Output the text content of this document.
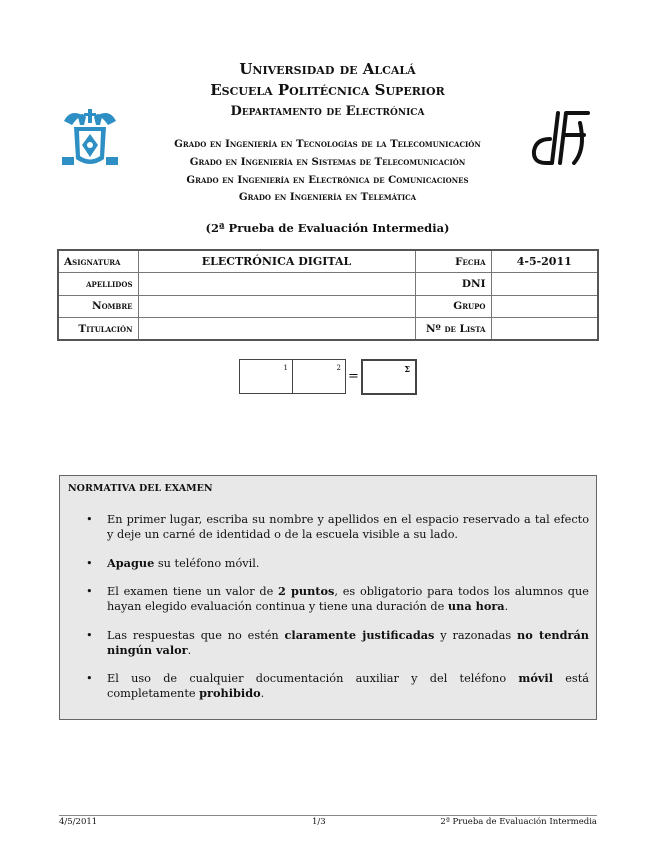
Universidad de Alcalá
Escuela Politécnica Superior
Departamento de Electrónica
Grado en Ingeniería en Tecnologías de la Telecomunicación
Grado en Ingeniería en Sistemas de Telecomunicación
Grado en Ingeniería en Electrónica de Comunicaciones
Grado en Ingeniería en Telemática
(2ª Prueba de Evaluación Intermedia)
Asignatura	ELECTRÓNICA DIGITAL	Fecha	4-5-2011
apellidos		DNI	
Nombre		Grupo	
Titulación		Nº de Lista	
1	2
=	Σ
NORMATIVA DEL EXAMEN
• En primer lugar, escriba su nombre y apellidos en el espacio reservado a tal efecto y deje un carné de identidad o de la escuela visible a su lado.
• Apague su teléfono móvil.
• El examen tiene un valor de 2 puntos, es obligatorio para todos los alumnos que hayan elegido evaluación continua y tiene una duración de una hora.
• Las respuestas que no estén claramente justificadas y razonadas no tendrán ningún valor.
• El uso de cualquier documentación auxiliar y del teléfono móvil está completamente prohibido.
4/5/2011	1/3	2ª Prueba de Evaluación Intermedia
